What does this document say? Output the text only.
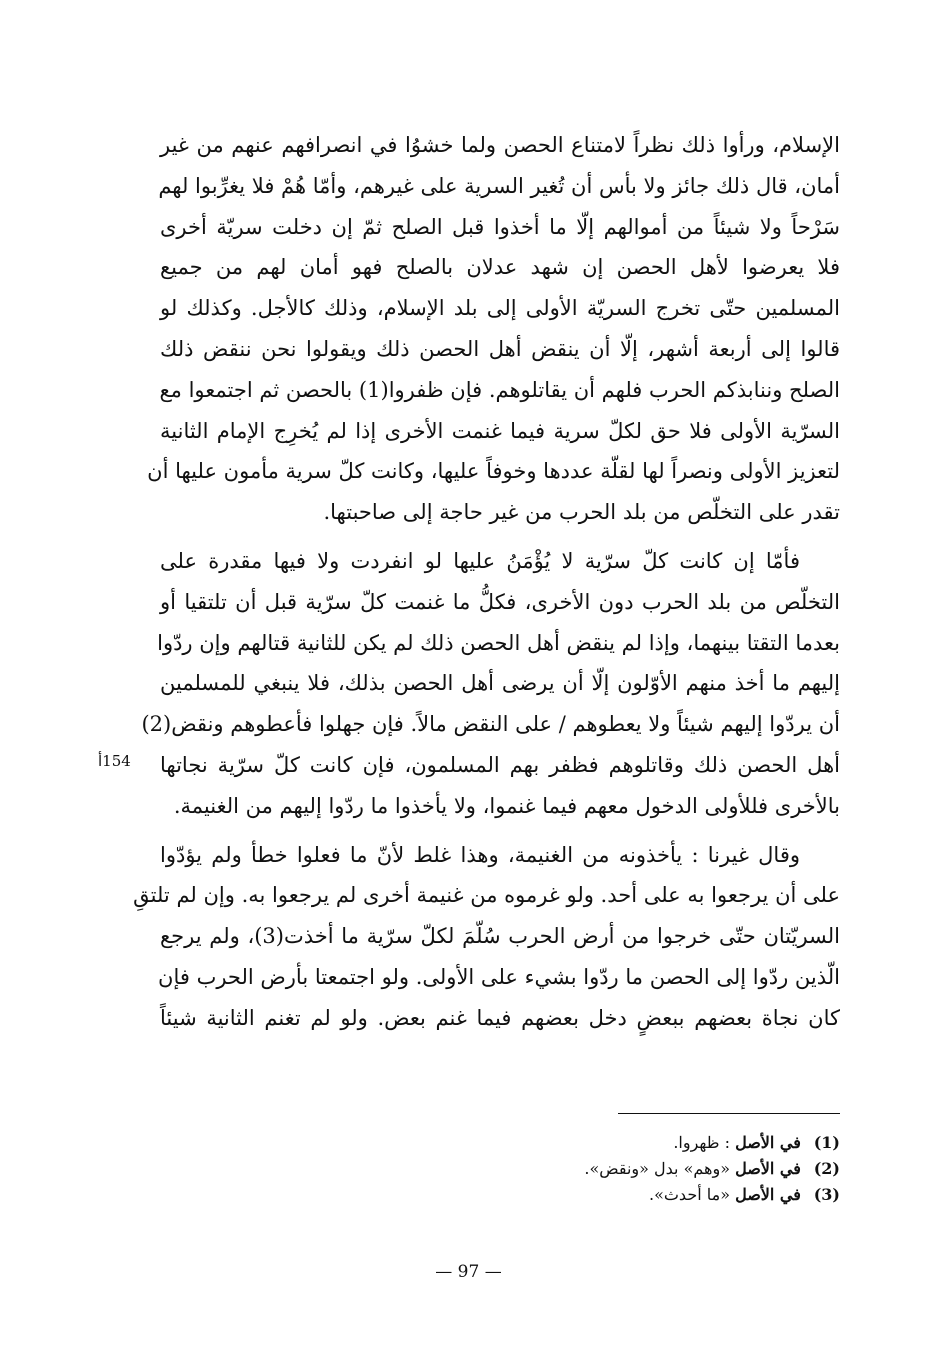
الإسلام، ورأوا ذلك نظراً لامتناع الحصن ولما خشوُا في انصرافهم عنهم من غير
أمان، قال ذلك جائز ولا بأس أن تُغير السرية على غيرهم، وأمّا هُمْ فلا يغرِّبوا لهم
سَرْحاً ولا شيئاً من أموالهم إلّا ما أخذوا قبل الصلح ثمّ إن دخلت سريّة أخرى
فلا يعرضوا لأهل الحصن إن شهد عدلان بالصلح فهو أمان لهم من جميع
المسلمين حتّى تخرج السريّة الأولى إلى بلد الإسلام، وذلك كالأجل. وكذلك لو
قالوا إلى أربعة أشهر، إلّا أن ينقض أهل الحصن ذلك ويقولوا نحن ننقض ذلك
الصلح وننابذكم الحرب فلهم أن يقاتلوهم. فإن ظفروا(1) بالحصن ثم اجتمعوا مع
السرّية الأولى فلا حق لكلّ سرية فيما غنمت الأخرى إذا لم يُخرِج الإمام الثانية
لتعزيز الأولى ونصراً لها لقلّة عددها وخوفاً عليها، وكانت كلّ سرية مأمون عليها أن
تقدر على التخلّص من بلد الحرب من غير حاجة إلى صاحبتها.
فأمّا إن كانت كلّ سرّية لا يُؤْمَنُ عليها لو انفردت ولا فيها مقدرة على
التخلّص من بلد الحرب دون الأخرى، فكلُّ ما غنمت كلّ سرّية قبل أن تلتقيا أو
بعدما التقتا بينهما، وإذا لم ينقض أهل الحصن ذلك لم يكن للثانية قتالهم وإن ردّوا
إليهم ما أخذ منهم الأوّلون إلّا أن يرضى أهل الحصن بذلك، فلا ينبغي للمسلمين
أن يردّوا إليهم شيئاً ولا يعطوهم / على النقض مالاً. فإن جهلوا فأعطوهم ونقض(2)
أهل الحصن ذلك وقاتلوهم فظفر بهم المسلمون، فإن كانت كلّ سرّية نجاتها
بالأخرى فللأولى الدخول معهم فيما غنموا، ولا يأخذوا ما ردّوا إليهم من الغنيمة.
وقال غيرنا : يأخذونه من الغنيمة، وهذا غلط لأنّ ما فعلوا خطأ ولم يؤدّوا
على أن يرجعوا به على أحد. ولو غرموه من غنيمة أخرى لم يرجعوا به. وإن لم تلتقِ
السريّتان حتّى خرجوا من أرض الحرب سُلّمَ لكلّ سرّية ما أخذت(3)، ولم يرجع
الّذين ردّوا إلى الحصن ما ردّوا بشيء على الأولى. ولو اجتمعتا بأرض الحرب فإن
كان نجاة بعضهم ببعضٍ دخل بعضهم فيما غنم بعض. ولو لم تغنم الثانية شيئاً
154أ
(1) في الأصل : ظهروا.
(2) في الأصل «وهم» بدل «ونقض».
(3) في الأصل «ما أحدث».
— 97 —
